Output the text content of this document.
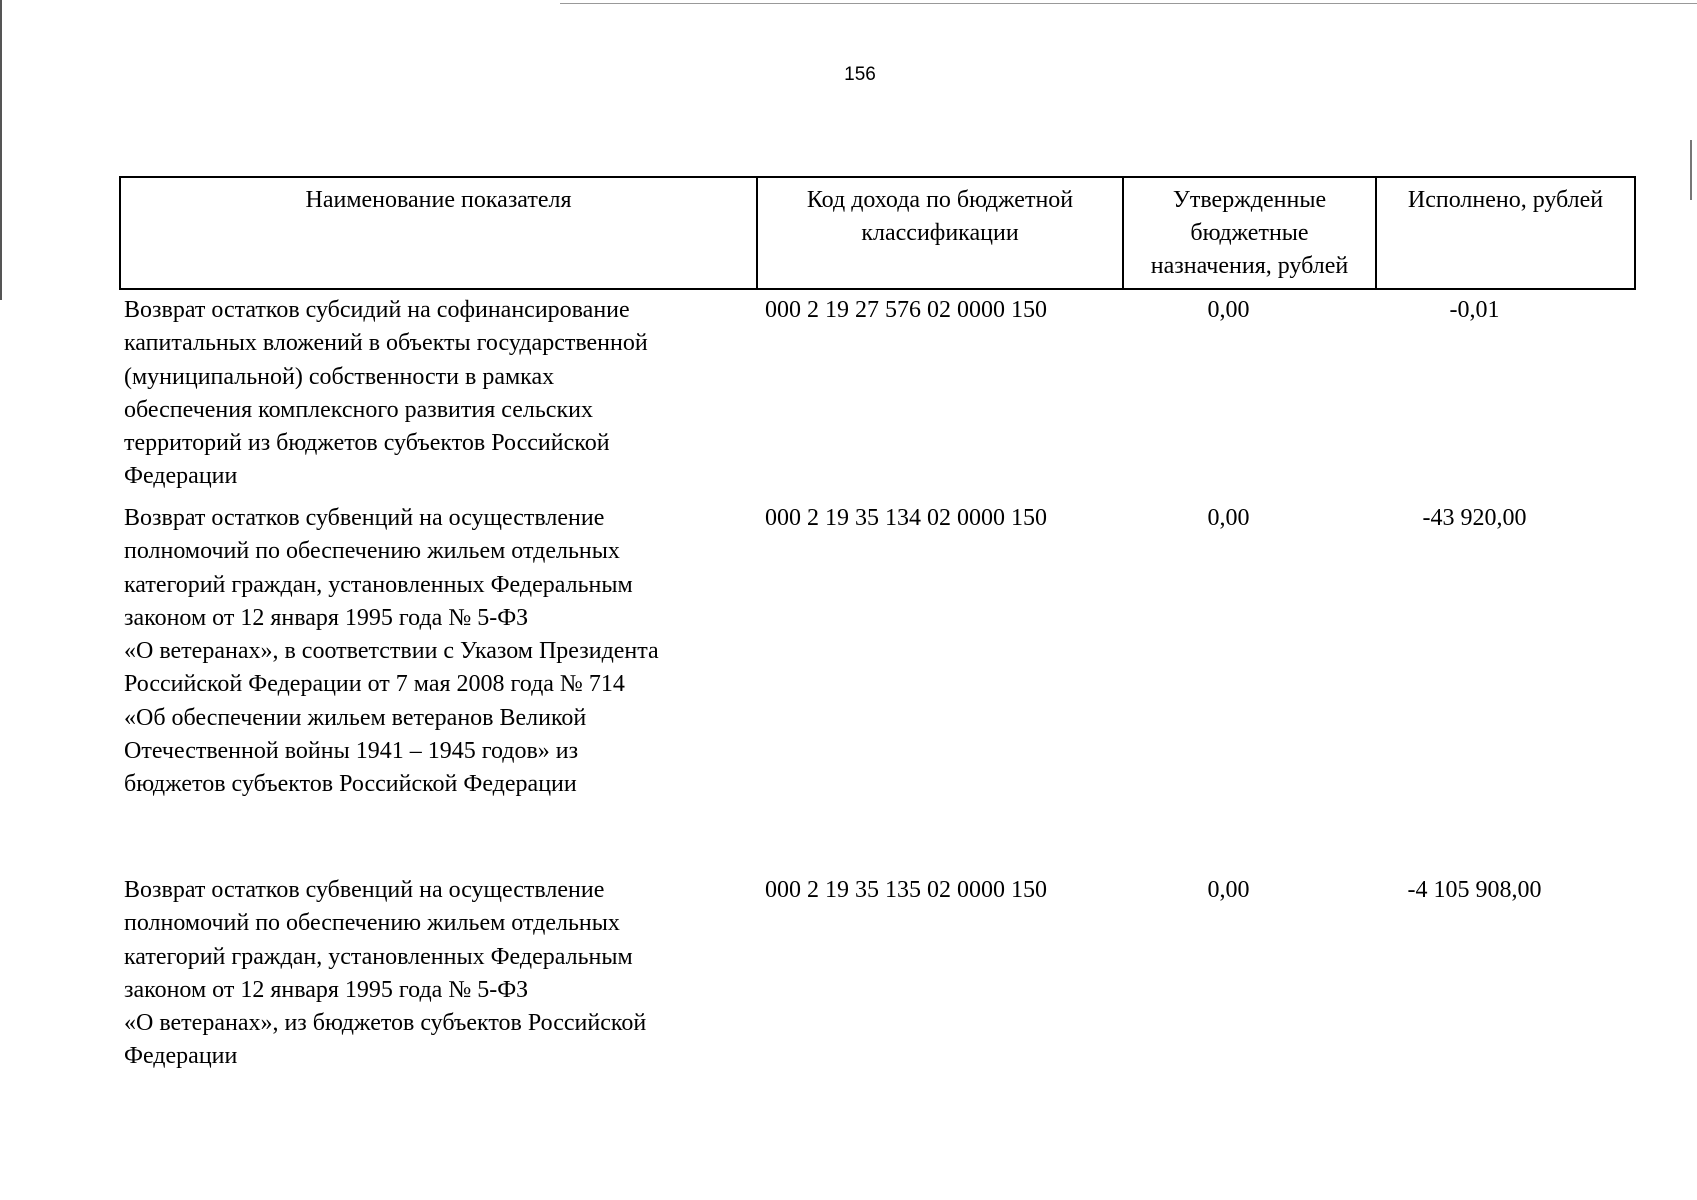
156
Наименование показателя	Код дохода по бюджетной классификации	Утвержденные бюджетные назначения, рублей	Исполнено, рублей
Возврат остатков субсидий на софинансирование
капитальных вложений в объекты государственной
(муниципальной) собственности в рамках
обеспечения комплексного развития сельских
территорий из бюджетов субъектов Российской
Федерации
000 2 19 27 576 02 0000 150	0,00	-0,01
Возврат остатков субвенций на осуществление
полномочий по обеспечению жильем отдельных
категорий граждан, установленных Федеральным
законом от 12 января 1995 года № 5-ФЗ
«О ветеранах», в соответствии с Указом Президента
Российской Федерации от 7 мая 2008 года № 714
«Об обеспечении жильем ветеранов Великой
Отечественной войны 1941 – 1945 годов» из
бюджетов субъектов Российской Федерации
000 2 19 35 134 02 0000 150	0,00	-43 920,00
Возврат остатков субвенций на осуществление
полномочий по обеспечению жильем отдельных
категорий граждан, установленных Федеральным
законом от 12 января 1995 года № 5-ФЗ
«О ветеранах», из бюджетов субъектов Российской
Федерации
000 2 19 35 135 02 0000 150	0,00	-4 105 908,00
